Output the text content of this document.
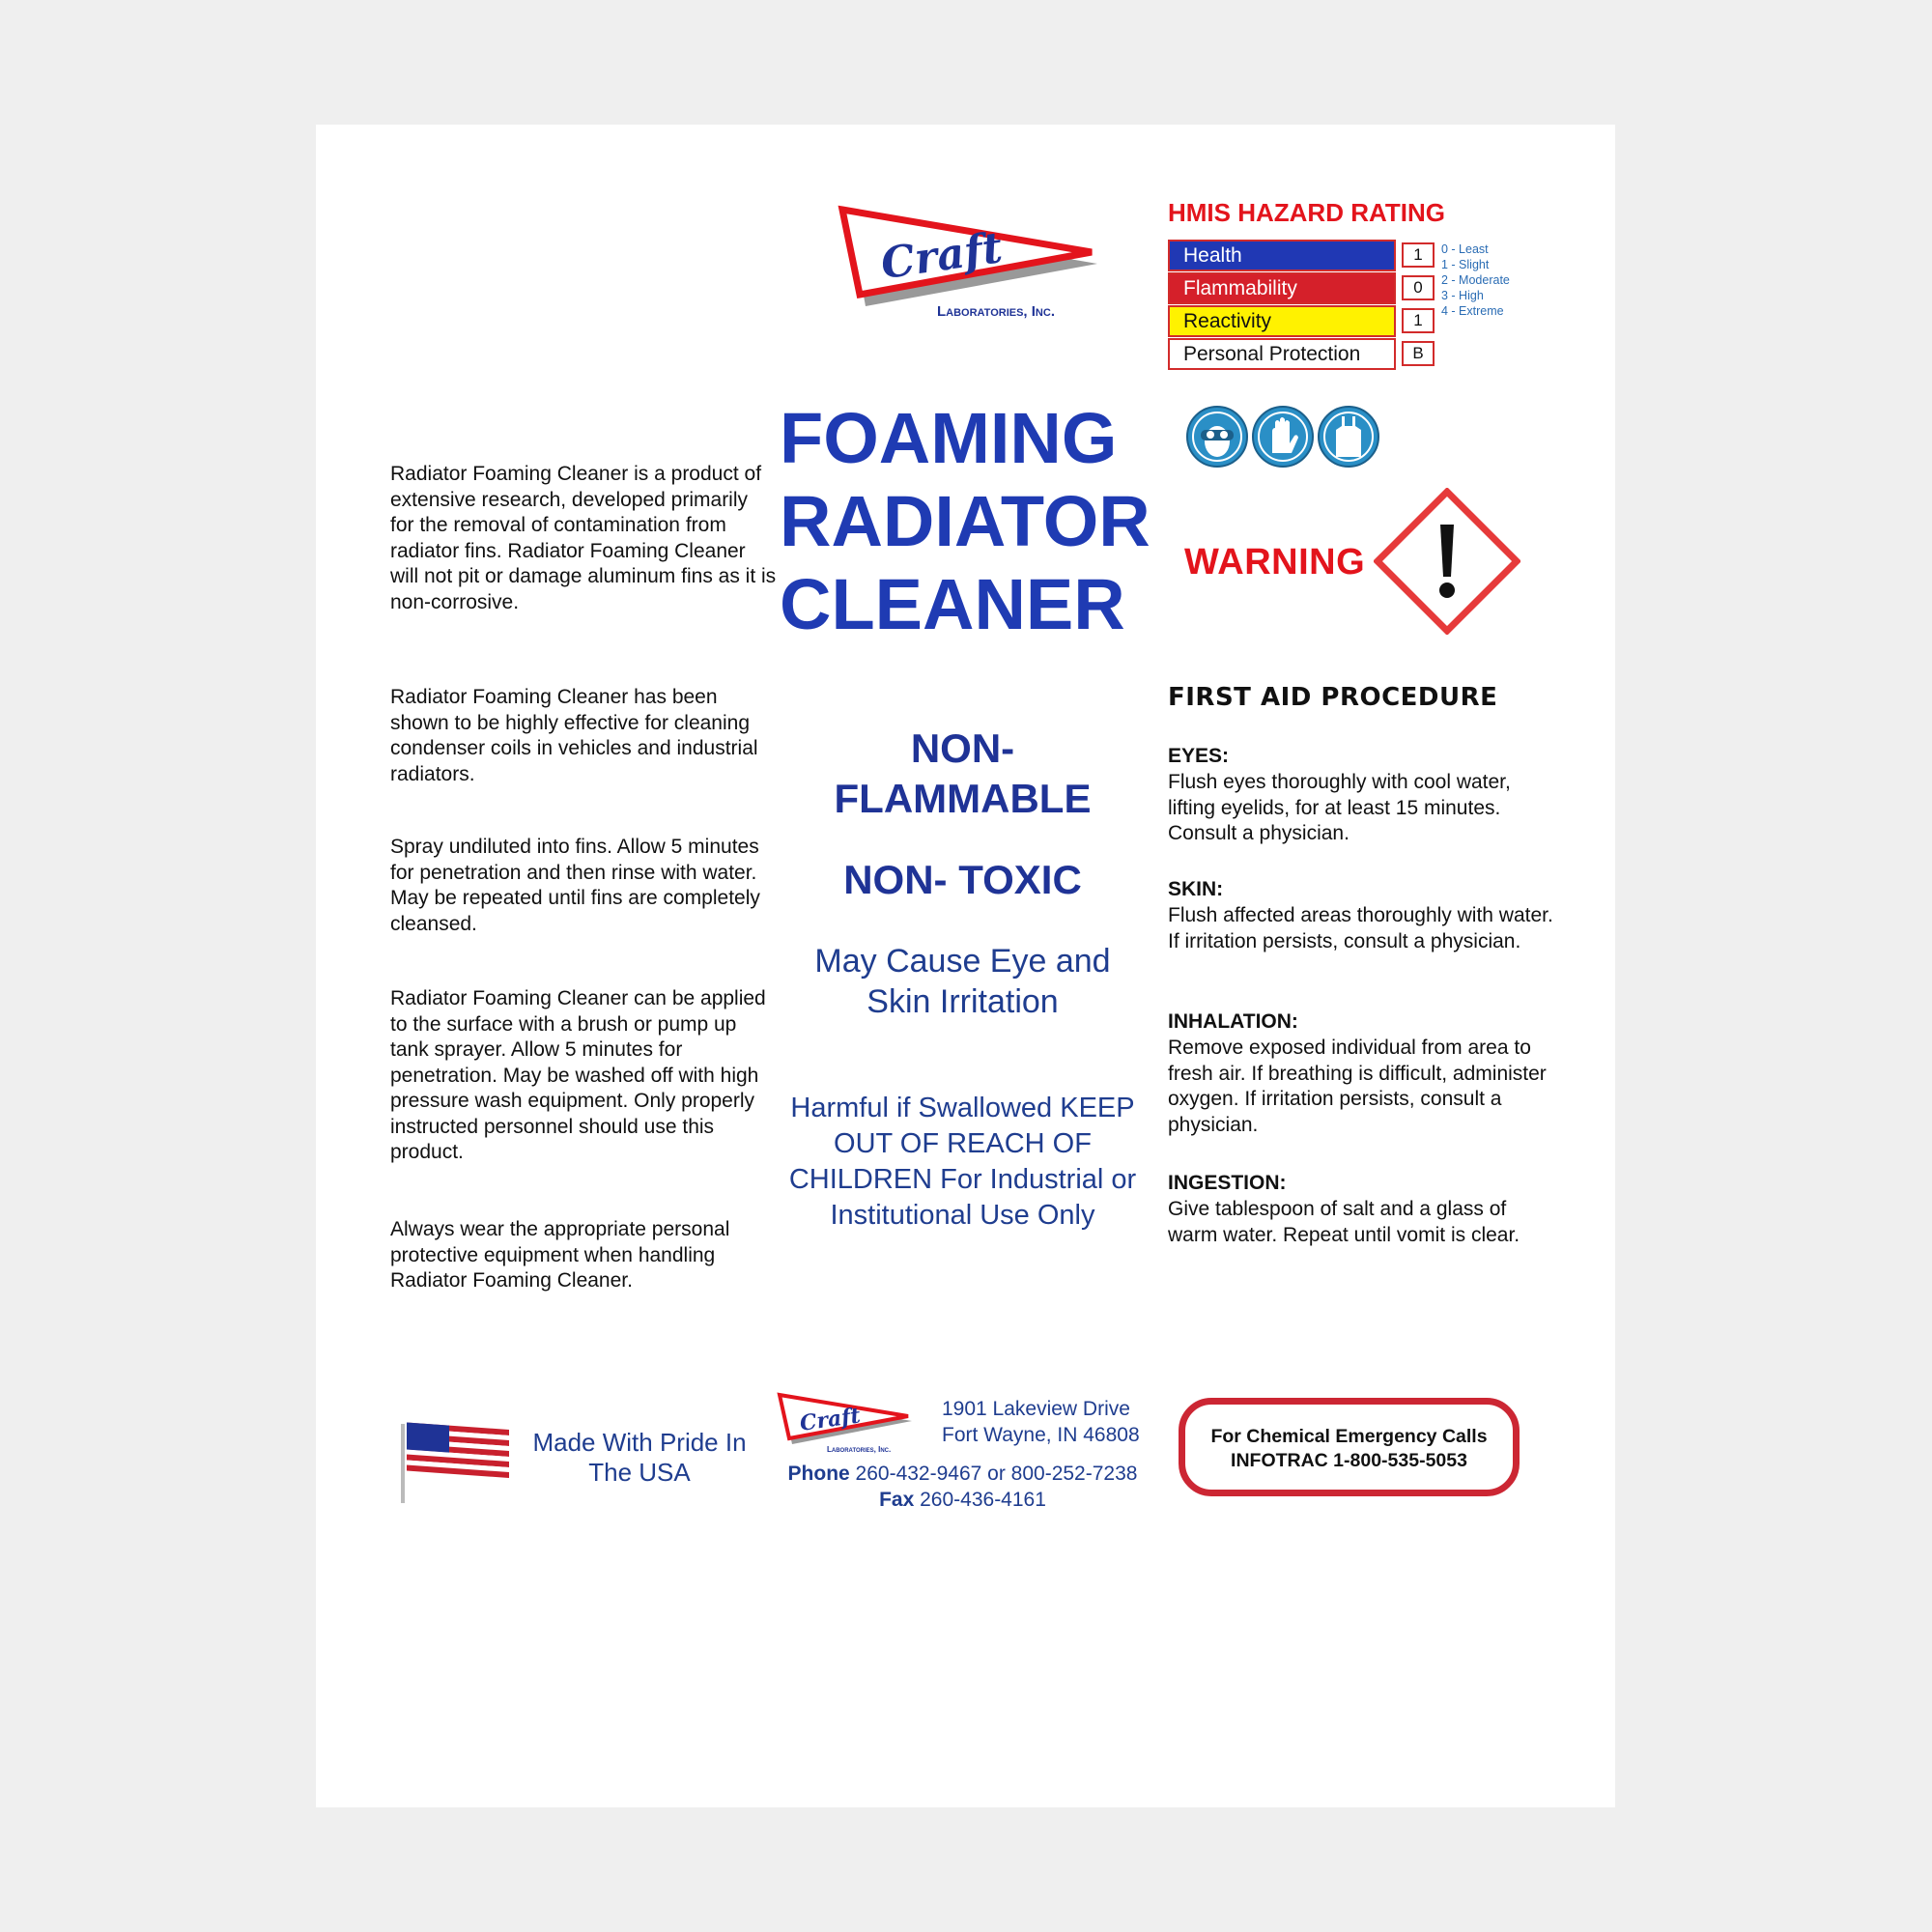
Craft
Laboratories, Inc.
HMIS HAZARD RATING
Health
Flammability
Reactivity
Personal Protection
1
0
1
B
0 - Least
1 - Slight
2 - Moderate
3 - High
4 - Extreme
FOAMING
RADIATOR
CLEANER
WARNING
Radiator Foaming Cleaner is a product of extensive research, developed primarily for the removal of contamination from radiator fins. Radiator Foaming Cleaner will not pit or damage aluminum fins as it is non-corrosive.
Radiator Foaming Cleaner has been shown to be highly effective for cleaning condenser coils in vehicles and industrial radiators.
Spray undiluted into fins. Allow 5 minutes for penetration and then rinse with water. May be repeated until fins are completely cleansed.
Radiator Foaming Cleaner can be applied to the surface with a brush or pump up tank sprayer. Allow 5 minutes for penetration. May be washed off with high pressure wash equipment. Only properly instructed personnel should use this product.
Always wear the appropriate personal protective equipment when handling Radiator Foaming Cleaner.
NON-
FLAMMABLE
NON- TOXIC
May Cause Eye and Skin Irritation
Harmful if Swallowed KEEP OUT OF REACH OF CHILDREN For Industrial or Institutional Use Only
FIRST AID PROCEDURE
EYES:
Flush eyes thoroughly with cool water, lifting eyelids, for at least 15 minutes. Consult a physician.
SKIN:
Flush affected areas thoroughly with water. If irritation persists, consult a physician.
INHALATION:
Remove exposed individual from area to fresh air. If breathing is difficult, administer oxygen. If irritation persists, consult a physician.
INGESTION:
Give tablespoon of salt and a glass of warm water. Repeat until vomit is clear.
Made With Pride In The USA
Craft
Laboratories, Inc.
1901 Lakeview Drive
Fort Wayne, IN 46808
Phone 260-432-9467 or 800-252-7238
Fax 260-436-4161
For Chemical Emergency Calls
INFOTRAC 1-800-535-5053
